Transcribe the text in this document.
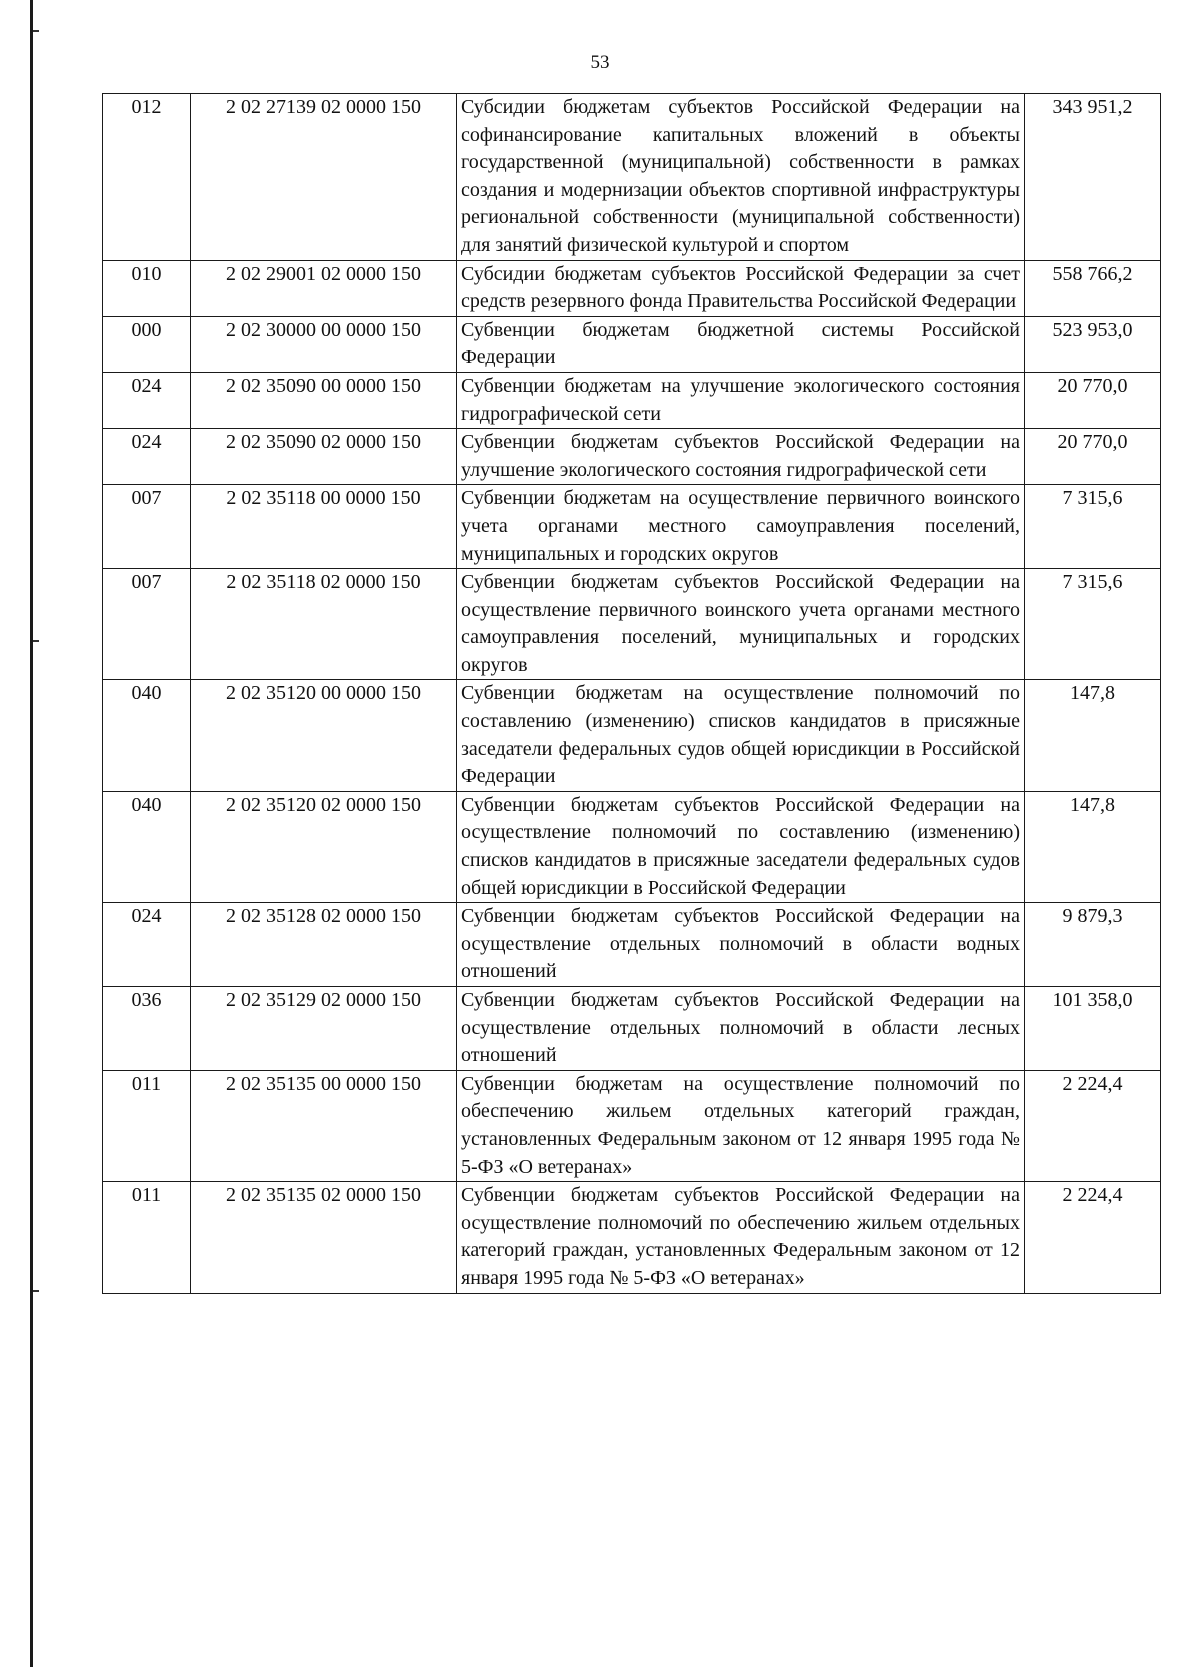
53
012	2 02 27139 02 0000 150	Субсидии бюджетам субъектов Российской Федерации на софинансирование капитальных вложений в объекты государственной (муниципальной) собственности в рамках создания и модернизации объектов спортивной инфраструктуры региональной собственности (муниципальной собственности) для занятий физической культурой и спортом	343 951,2
010	2 02 29001 02 0000 150	Субсидии бюджетам субъектов Российской Федерации за счет средств резервного фонда Правительства Российской Федерации	558 766,2
000	2 02 30000 00 0000 150	Субвенции бюджетам бюджетной системы Российской Федерации	523 953,0
024	2 02 35090 00 0000 150	Субвенции бюджетам на улучшение экологического состояния гидрографической сети	20 770,0
024	2 02 35090 02 0000 150	Субвенции бюджетам субъектов Российской Федерации на улучшение экологического состояния гидрографической сети	20 770,0
007	2 02 35118 00 0000 150	Субвенции бюджетам на осуществление первичного воинского учета органами местного самоуправления поселений, муниципальных и городских округов	7 315,6
007	2 02 35118 02 0000 150	Субвенции бюджетам субъектов Российской Федерации на осуществление первичного воинского учета органами местного самоуправления поселений, муниципальных и городских округов	7 315,6
040	2 02 35120 00 0000 150	Субвенции бюджетам на осуществление полномочий по составлению (изменению) списков кандидатов в присяжные заседатели федеральных судов общей юрисдикции в Российской Федерации	147,8
040	2 02 35120 02 0000 150	Субвенции бюджетам субъектов Российской Федерации на осуществление полномочий по составлению (изменению) списков кандидатов в присяжные заседатели федеральных судов общей юрисдикции в Российской Федерации	147,8
024	2 02 35128 02 0000 150	Субвенции бюджетам субъектов Российской Федерации на осуществление отдельных полномочий в области водных отношений	9 879,3
036	2 02 35129 02 0000 150	Субвенции бюджетам субъектов Российской Федерации на осуществление отдельных полномочий в области лесных отношений	101 358,0
011	2 02 35135 00 0000 150	Субвенции бюджетам на осуществление полномочий по обеспечению жильем отдельных категорий граждан, установленных Федеральным законом от 12 января 1995 года № 5-ФЗ «О ветеранах»	2 224,4
011	2 02 35135 02 0000 150	Субвенции бюджетам субъектов Российской Федерации на осуществление полномочий по обеспечению жильем отдельных категорий граждан, установленных Федеральным законом от 12 января 1995 года № 5-ФЗ «О ветеранах»	2 224,4
